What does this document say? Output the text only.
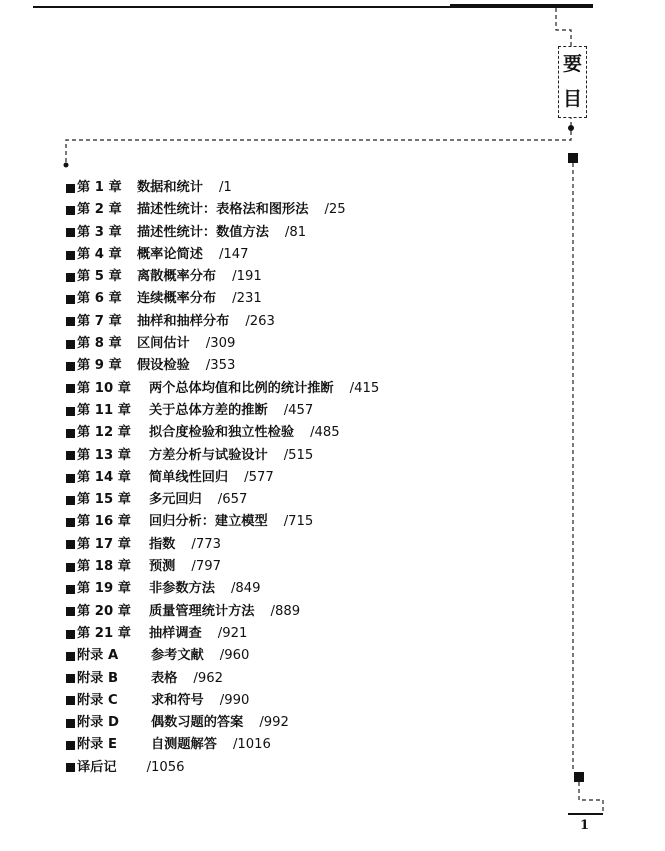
要
目
第 1 章	数据和统计 /1
第 2 章	描述性统计：表格法和图形法 /25
第 3 章	描述性统计：数值方法 /81
第 4 章	概率论简述 /147
第 5 章	离散概率分布 /191
第 6 章	连续概率分布 /231
第 7 章	抽样和抽样分布 /263
第 8 章	区间估计 /309
第 9 章	假设检验 /353
第 10 章	两个总体均值和比例的统计推断 /415
第 11 章	关于总体方差的推断 /457
第 12 章	拟合度检验和独立性检验 /485
第 13 章	方差分析与试验设计 /515
第 14 章	简单线性回归 /577
第 15 章	多元回归 /657
第 16 章	回归分析：建立模型 /715
第 17 章	指数 /773
第 18 章	预测 /797
第 19 章	非参数方法 /849
第 20 章	质量管理统计方法 /889
第 21 章	抽样调查 /921
附录 A	参考文献 /960
附录 B	表格 /962
附录 C	求和符号 /990
附录 D	偶数习题的答案 /992
附录 E	自测题解答 /1016
译后记 /1056
1
